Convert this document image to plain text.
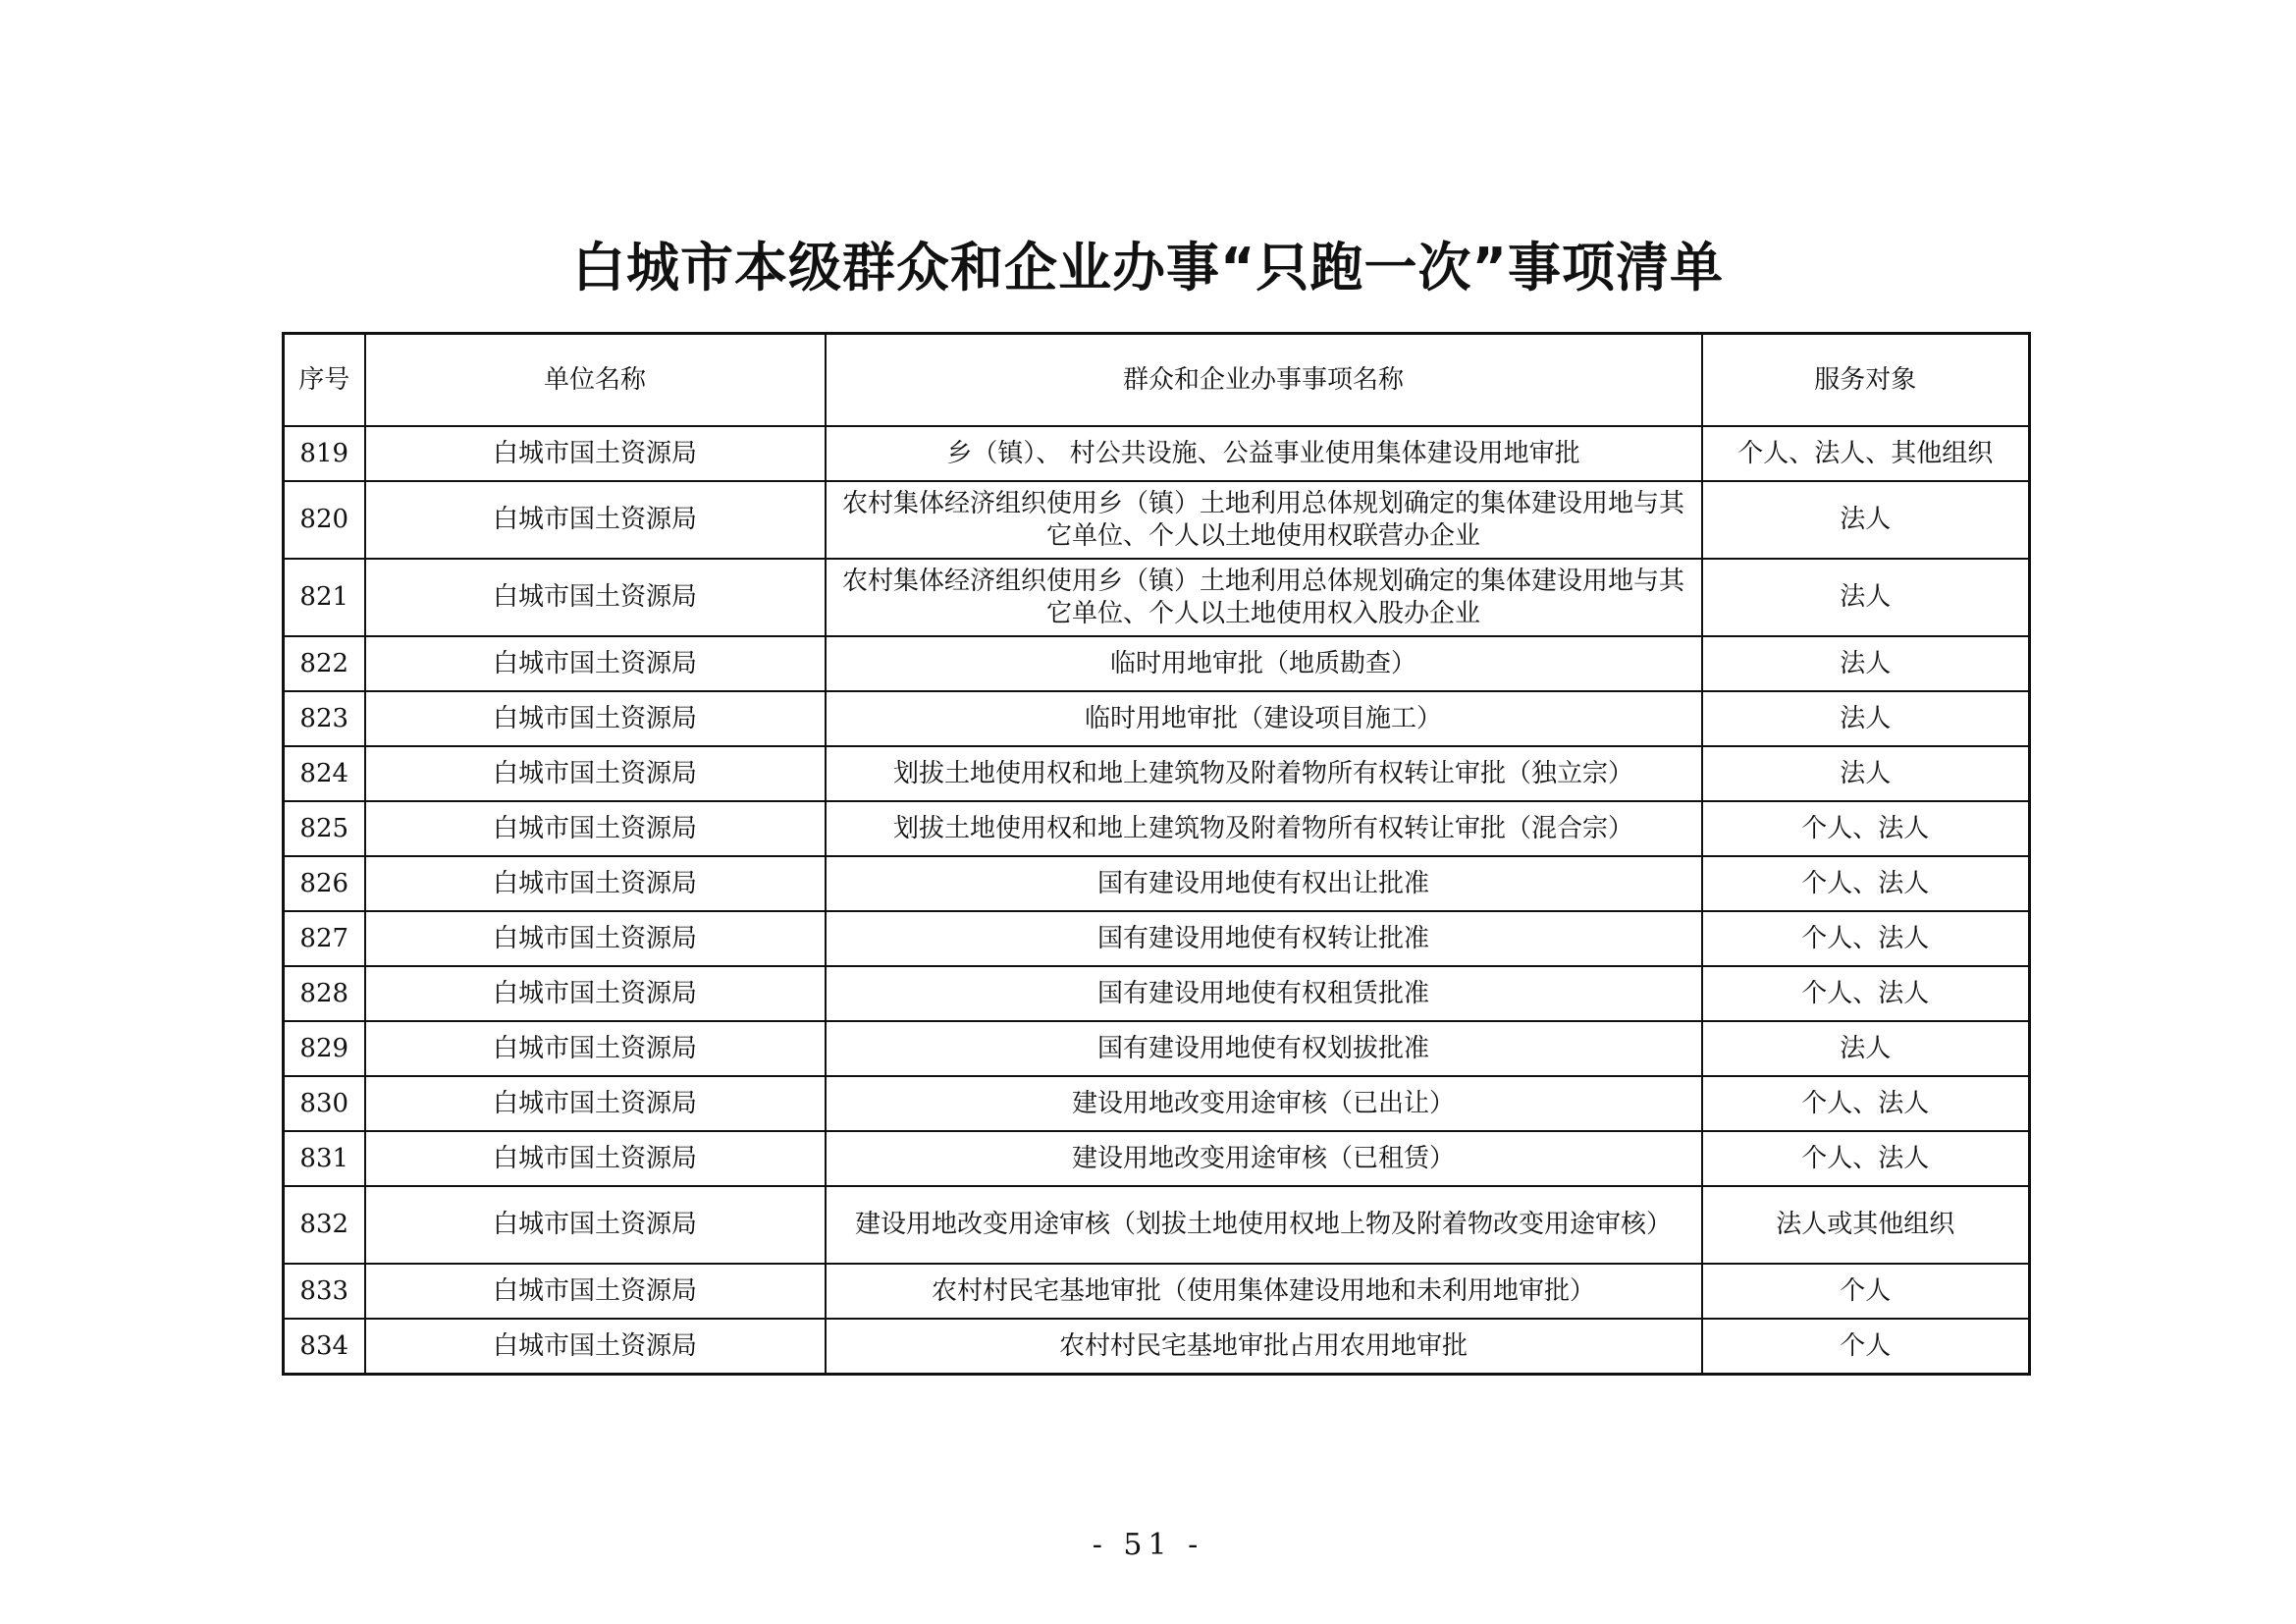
白城市本级群众和企业办事“只跑一次”事项清单
序号	单位名称	群众和企业办事事项名称	服务对象
819	白城市国土资源局	乡（镇）、 村公共设施、公益事业使用集体建设用地审批	个人、法人、其他组织
820	白城市国土资源局	农村集体经济组织使用乡（镇）土地利用总体规划确定的集体建设用地与其它单位、个人以土地使用权联营办企业	法人
821	白城市国土资源局	农村集体经济组织使用乡（镇）土地利用总体规划确定的集体建设用地与其它单位、个人以土地使用权入股办企业	法人
822	白城市国土资源局	临时用地审批（地质勘查）	法人
823	白城市国土资源局	临时用地审批（建设项目施工）	法人
824	白城市国土资源局	划拔土地使用权和地上建筑物及附着物所有权转让审批（独立宗）	法人
825	白城市国土资源局	划拔土地使用权和地上建筑物及附着物所有权转让审批（混合宗）	个人、法人
826	白城市国土资源局	国有建设用地使有权出让批准	个人、法人
827	白城市国土资源局	国有建设用地使有权转让批准	个人、法人
828	白城市国土资源局	国有建设用地使有权租赁批准	个人、法人
829	白城市国土资源局	国有建设用地使有权划拔批准	法人
830	白城市国土资源局	建设用地改变用途审核（已出让）	个人、法人
831	白城市国土资源局	建设用地改变用途审核（已租赁）	个人、法人
832	白城市国土资源局	建设用地改变用途审核（划拔土地使用权地上物及附着物改变用途审核）	法人或其他组织
833	白城市国土资源局	农村村民宅基地审批（使用集体建设用地和未利用地审批）	个人
834	白城市国土资源局	农村村民宅基地审批占用农用地审批	个人
- 51 -
